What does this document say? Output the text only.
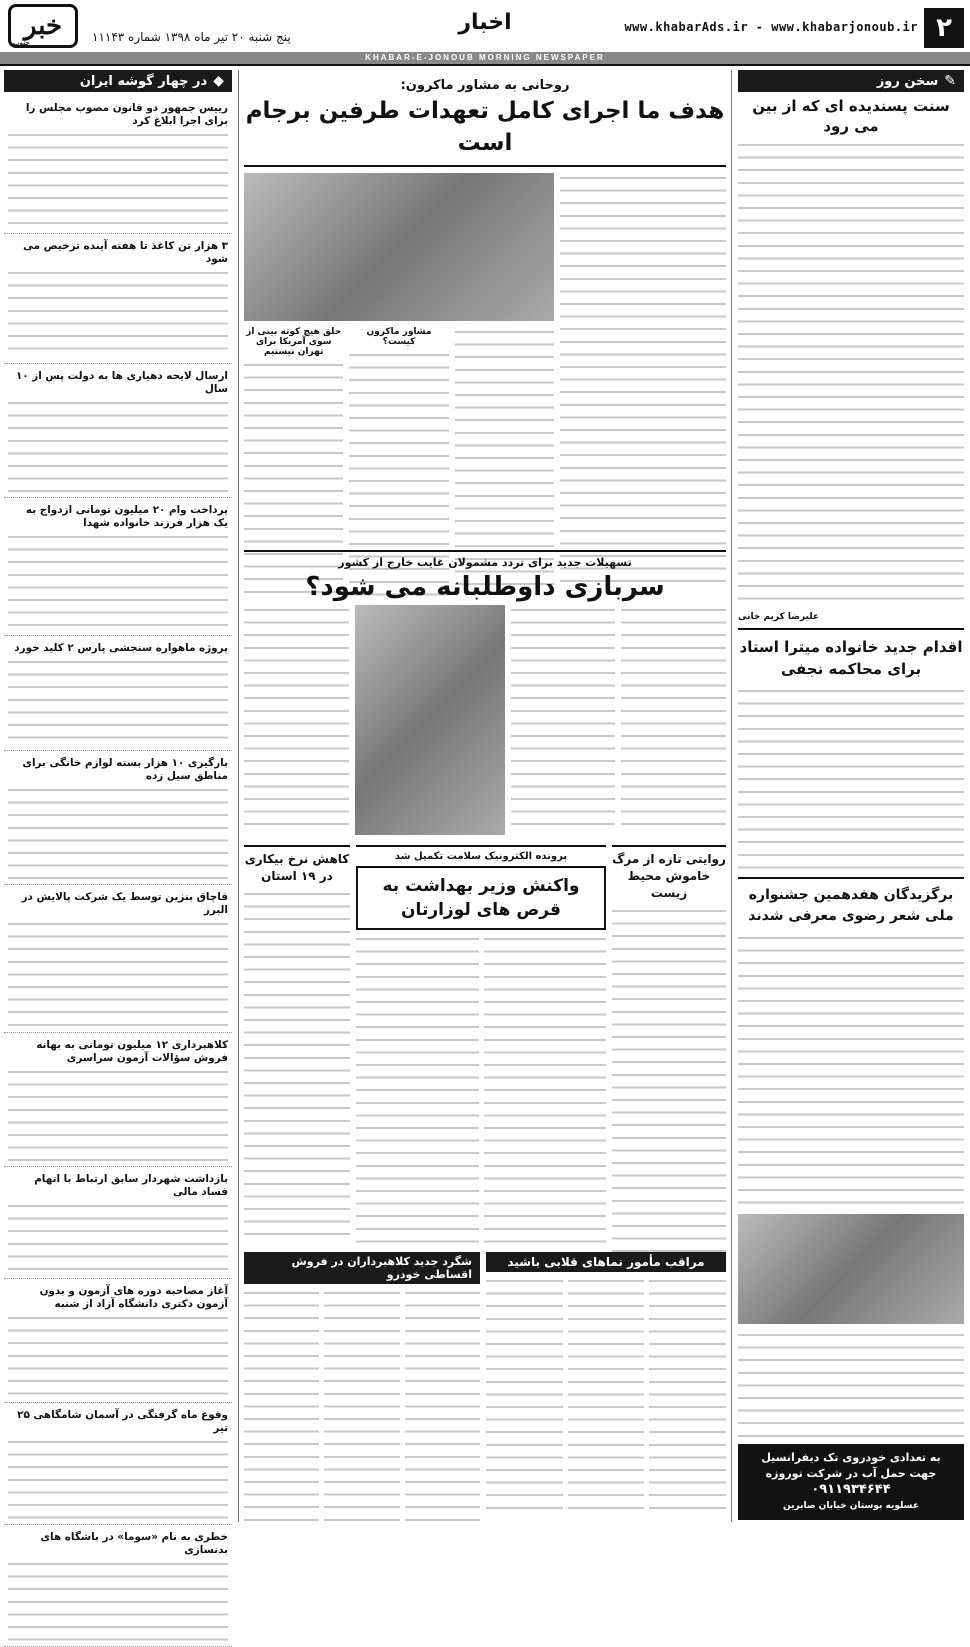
۲
www.khabarAds.ir - www.khabarjonoub.ir
اخبار
پنج شنبه ۲۰ تیر ماه ۱۳۹۸ شماره ۱۱۱۴۳
خبر
جنوب
KHABAR-E-JONOUB MORNING NEWSPAPER
✎
سخن روز
سنت پسندیده ای که از بین می رود
علیرضا کریم خانی
اقدام جدید خانواده میترا استاد برای محاکمه نجفی
برگزیدگان هفدهمین جشنواره ملی شعر رضوی معرفی شدند
به تعدادی خودروی تک دیفرانسیل
جهت حمل آب در شرکت نوروزه
۰۹۱۱۹۳۴۶۴۴
عسلویه بوستان خیابان صابرین
روحانی به مشاور ماکرون:
هدف ما اجرای کامل تعهدات طرفین برجام است
مشاور ماکرون کیست؟
حلق هیچ کوته بینی از سوی آمریکا برای تهران نیستیم
تسهیلات جدید برای تردد مشمولان غایب خارج از کشور
سربازی داوطلبانه می شود؟
روایتی تازه از مرگ خاموش محیط زیست
پرونده الکترونیک سلامت تکمیل شد
واکنش وزیر بهداشت به قرص های لوزارتان
کاهش نرخ بیکاری در ۱۹ استان
مراقب مأمور نماهای قلابی باشید
شگرد جدید کلاهبرداران در فروش اقساطی خودرو
◆
در چهار گوشه ایران
رییس جمهور دو قانون مصوب مجلس را برای اجرا ابلاغ کرد
۳ هزار تن کاغذ تا هفته آینده ترخیص می شود
ارسال لایحه دهیاری ها به دولت پس از ۱۰ سال
پرداخت وام ۲۰ میلیون تومانی ازدواج به یک هزار فرزند خانواده شهدا
پروژه ماهواره سنجشی پارس ۲ کلید خورد
بارگیری ۱۰ هزار بسته لوازم خانگی برای مناطق سیل زده
قاچاق بنزین توسط یک شرکت پالایش در البرز
کلاهبرداری ۱۲ میلیون تومانی به بهانه فروش سؤالات آزمون سراسری
بازداشت شهردار سابق ارتباط با اتهام فساد مالی
آغاز مصاحبه دوره های آزمون و بدون آزمون دکتری دانشگاه آزاد از شنبه
وقوع ماه گرفتگی در آسمان شامگاهی ۲۵ تیر
خطری به نام «سوما» در باشگاه های بدنسازی
